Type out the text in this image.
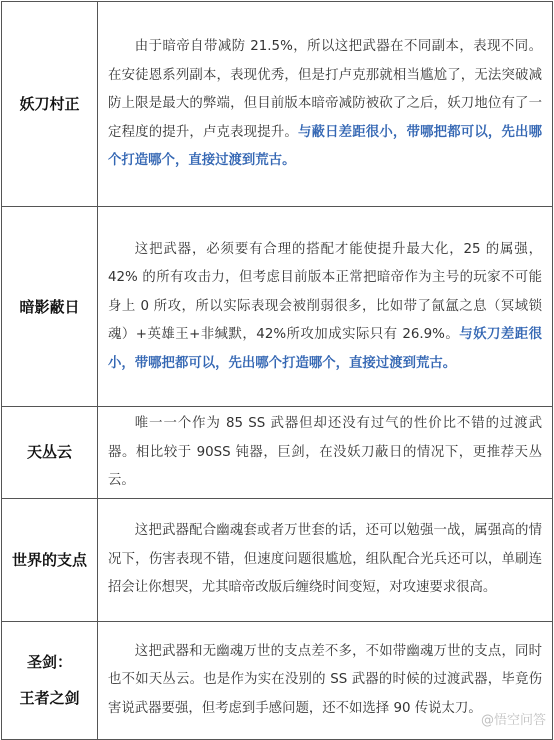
妖刀村正	由于暗帝自带减防 21.5%，所以这把武器在不同副本，表现不同。在安徒恩系列副本，表现优秀，但是打卢克那就相当尴尬了，无法突破减防上限是最大的弊端，但目前版本暗帝减防被砍了之后，妖刀地位有了一定程度的提升，卢克表现提升。与蔽日差距很小，带哪把都可以，先出哪个打造哪个，直接过渡到荒古。
暗影蔽日	这把武器，必须要有合理的搭配才能使提升最大化，25 的属强，42% 的所有攻击力，但考虑目前版本正常把暗帝作为主号的玩家不可能身上 0 所攻，所以实际表现会被削弱很多，比如带了氤氲之息（冥域锁魂）+英雄王+非缄默，42%所攻加成实际只有 26.9%。与妖刀差距很小，带哪把都可以，先出哪个打造哪个，直接过渡到荒古。
天丛云	唯一一个作为 85 SS 武器但却还没有过气的性价比不错的过渡武器。相比较于 90SS 钝器，巨剑，在没妖刀蔽日的情况下，更推荐天丛云。
世界的支点	这把武器配合幽魂套或者万世套的话，还可以勉强一战，属强高的情况下，伤害表现不错，但速度问题很尴尬，组队配合光兵还可以，单刷连招会让你想哭，尤其暗帝改版后缠绕时间变短，对攻速要求很高。

圣剑：
王者之剑	这把武器和无幽魂万世的支点差不多，不如带幽魂万世的支点，同时也不如天丛云。也是作为实在没别的 SS 武器的时候的过渡武器，毕竟伤害说武器要强，但考虑到手感问题，还不如选择 90 传说太刀。
@悟空问答
